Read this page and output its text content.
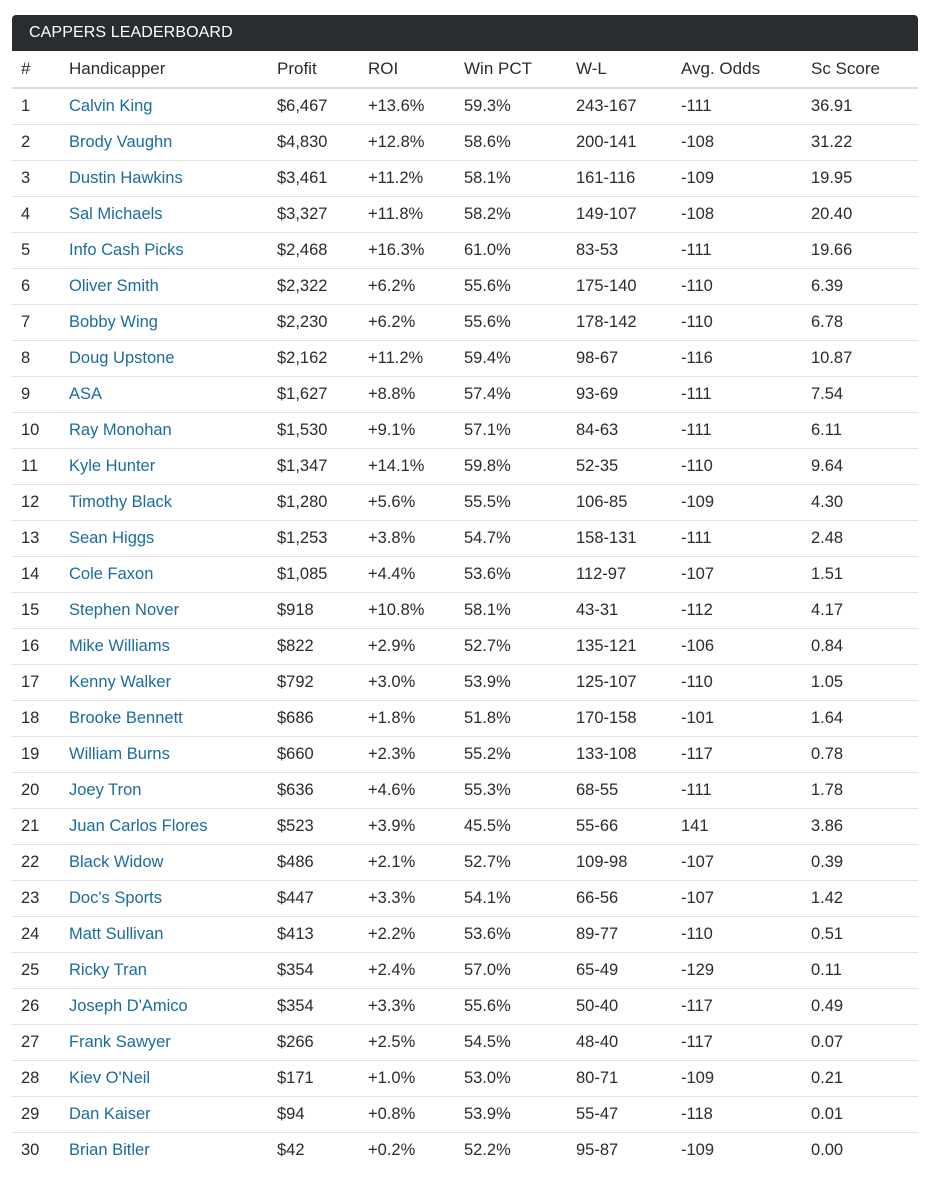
CAPPERS LEADERBOARD
#	Handicapper	Profit	ROI	Win PCT	W-L	Avg. Odds	Sc Score
1	Calvin King	$6,467	+13.6%	59.3%	243-167	-111	36.91
2	Brody Vaughn	$4,830	+12.8%	58.6%	200-141	-108	31.22
3	Dustin Hawkins	$3,461	+11.2%	58.1%	161-116	-109	19.95
4	Sal Michaels	$3,327	+11.8%	58.2%	149-107	-108	20.40
5	Info Cash Picks	$2,468	+16.3%	61.0%	83-53	-111	19.66
6	Oliver Smith	$2,322	+6.2%	55.6%	175-140	-110	6.39
7	Bobby Wing	$2,230	+6.2%	55.6%	178-142	-110	6.78
8	Doug Upstone	$2,162	+11.2%	59.4%	98-67	-116	10.87
9	ASA	$1,627	+8.8%	57.4%	93-69	-111	7.54
10	Ray Monohan	$1,530	+9.1%	57.1%	84-63	-111	6.11
11	Kyle Hunter	$1,347	+14.1%	59.8%	52-35	-110	9.64
12	Timothy Black	$1,280	+5.6%	55.5%	106-85	-109	4.30
13	Sean Higgs	$1,253	+3.8%	54.7%	158-131	-111	2.48
14	Cole Faxon	$1,085	+4.4%	53.6%	112-97	-107	1.51
15	Stephen Nover	$918	+10.8%	58.1%	43-31	-112	4.17
16	Mike Williams	$822	+2.9%	52.7%	135-121	-106	0.84
17	Kenny Walker	$792	+3.0%	53.9%	125-107	-110	1.05
18	Brooke Bennett	$686	+1.8%	51.8%	170-158	-101	1.64
19	William Burns	$660	+2.3%	55.2%	133-108	-117	0.78
20	Joey Tron	$636	+4.6%	55.3%	68-55	-111	1.78
21	Juan Carlos Flores	$523	+3.9%	45.5%	55-66	141	3.86
22	Black Widow	$486	+2.1%	52.7%	109-98	-107	0.39
23	Doc's Sports	$447	+3.3%	54.1%	66-56	-107	1.42
24	Matt Sullivan	$413	+2.2%	53.6%	89-77	-110	0.51
25	Ricky Tran	$354	+2.4%	57.0%	65-49	-129	0.11
26	Joseph D'Amico	$354	+3.3%	55.6%	50-40	-117	0.49
27	Frank Sawyer	$266	+2.5%	54.5%	48-40	-117	0.07
28	Kiev O'Neil	$171	+1.0%	53.0%	80-71	-109	0.21
29	Dan Kaiser	$94	+0.8%	53.9%	55-47	-118	0.01
30	Brian Bitler	$42	+0.2%	52.2%	95-87	-109	0.00
